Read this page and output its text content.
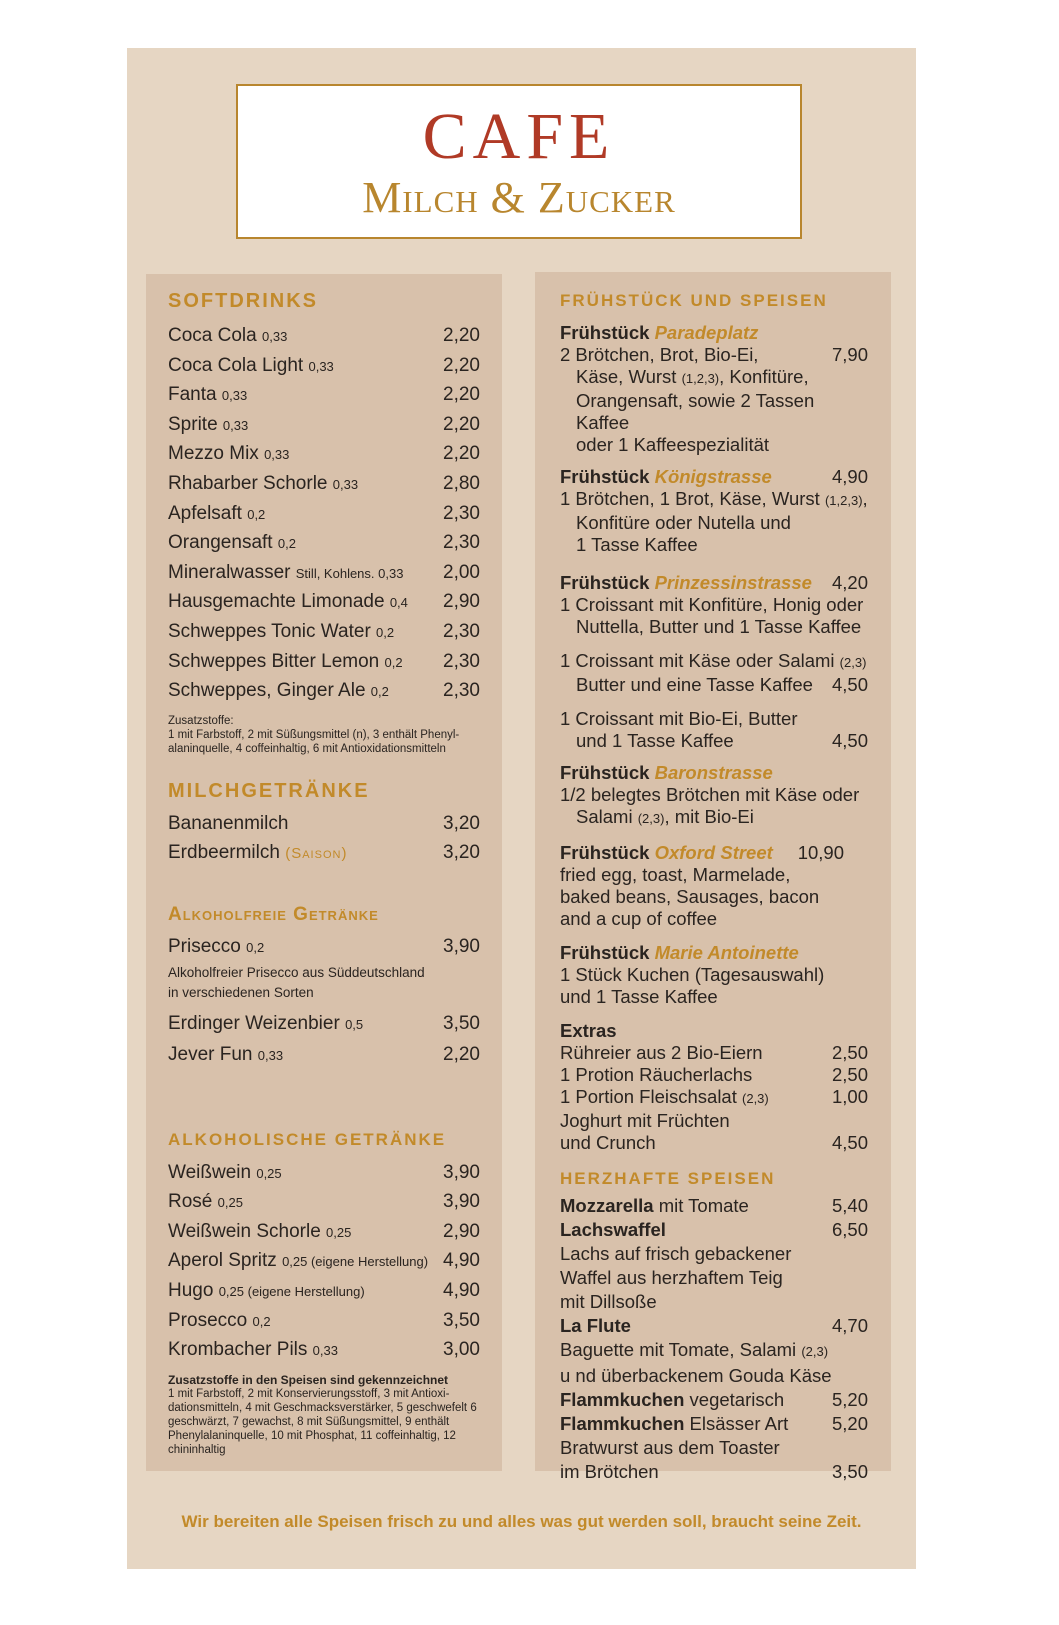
CAFE
Milch & Zucker
SOFTDRINKS
Coca Cola 0,33	2,20
Coca Cola Light 0,33	2,20
Fanta 0,33	2,20
Sprite 0,33	2,20
Mezzo Mix 0,33	2,20
Rhabarber Schorle 0,33	2,80
Apfelsaft 0,2	2,30
Orangensaft 0,2	2,30
Mineralwasser Still, Kohlens. 0,33 2,00
Hausgemachte Limonade 0,4 2,90
Schweppes Tonic Water 0,2	2,30
Schweppes Bitter Lemon 0,2 2,30
Schweppes, Ginger Ale 0,2	2,30
Zusatzstoffe:
1 mit Farbstoff, 2 mit Süßungsmittel (n), 3 enthält Phenyl-alaninquelle, 4 coffeinhaltig, 6 mit Antioxidationsmitteln
MILCHGETRÄNKE
Bananenmilch	3,20
Erdbeermilch (Saison)	3,20
Alkoholfreie Getränke
Prisecco 0,2	3,90
Alkoholfreier Prisecco aus Süddeutschland in verschiedenen Sorten
Erdinger Weizenbier 0,5	3,50
Jever Fun 0,33	2,20
ALKOHOLISCHE GETRÄNKE
Weißwein 0,25	3,90
Rosé 0,25	3,90
Weißwein Schorle 0,25	2,90
Aperol Spritz 0,25 (eigene Herstellung) 4,90
Hugo 0,25 (eigene Herstellung)	4,90
Prosecco 0,2	3,50
Krombacher Pils 0,33	3,00
Zusatzstoffe in den Speisen sind gekennzeichnet
1 mit Farbstoff, 2 mit Konservierungsstoff, 3 mit Antioxi-dationsmitteln, 4 mit Geschmacksverstärker, 5 geschwefelt 6 geschwärzt, 7 gewachst, 8 mit Süßungsmittel, 9 enthält Phenylalaninquelle, 10 mit Phosphat, 11 coffeinhaltig, 12 chininhaltig
FRÜHSTÜCK UND SPEISEN
Frühstück Paradeplatz
2 Brötchen, Brot, Bio-Ei,	7,90
Käse, Wurst (1,2,3), Konfitüre,
Orangensaft, sowie 2 Tassen Kaffee
oder 1 Kaffeespezialität
Frühstück Königstrasse	4,90
1 Brötchen, 1 Brot, Käse, Wurst (1,2,3),
Konfitüre oder Nutella und
1 Tasse Kaffee
Frühstück Prinzessinstrasse 4,20
1 Croissant mit Konfitüre, Honig oder
Nuttella, Butter und 1 Tasse Kaffee
1 Croissant mit Käse oder Salami (2,3)
Butter und eine Tasse Kaffee 4,50
1 Croissant mit Bio-Ei, Butter
und 1 Tasse Kaffee	4,50
Frühstück Baronstrasse
1/2 belegtes Brötchen mit Käse oder
Salami (2,3), mit Bio-Ei
Frühstück Oxford Street 10,90
fried egg, toast, Marmelade,
baked beans, Sausages, bacon
and a cup of coffee
Frühstück Marie Antoinette
1 Stück Kuchen (Tagesauswahl)
und 1 Tasse Kaffee
Extras
Rühreier aus 2 Bio-Eiern	2,50
1 Protion Räucherlachs	2,50
1 Portion Fleischsalat (2,3)	1,00
Joghurt mit Früchten
und Crunch	4,50
HERZHAFTE SPEISEN
Mozzarella mit Tomate	5,40
Lachswaffel	6,50
Lachs auf frisch gebackener
Waffel aus herzhaftem Teig
mit Dillsoße
La Flute	4,70
Baguette mit Tomate, Salami (2,3)
u nd überbackenem Gouda Käse
Flammkuchen vegetarisch	5,20
Flammkuchen Elsässer Art 5,20
Bratwurst aus dem Toaster
im Brötchen	3,50
Wir bereiten alle Speisen frisch zu und alles was gut werden soll, braucht seine Zeit.
